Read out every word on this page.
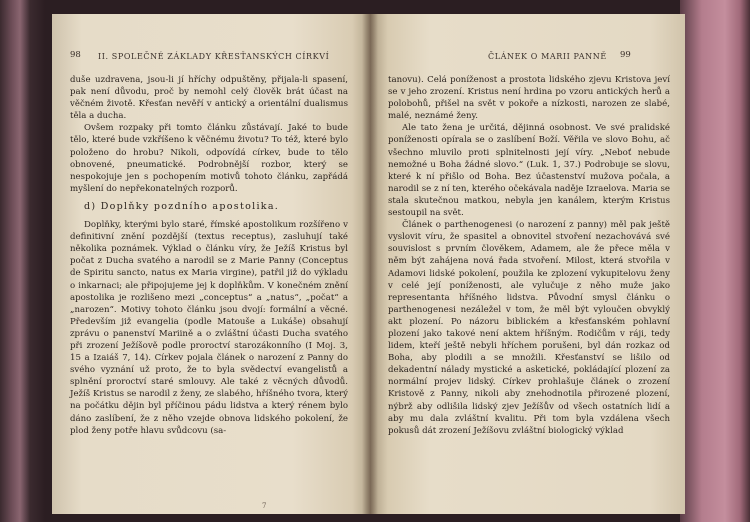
98 II. SPOLEČNÉ ZÁKLADY KŘESŤANSKÝCH CÍRKVÍ

duše uzdravena, jsou-li jí hříchy odpuštěny, přijala-li spasení, pak není důvodu, proč by nemohl celý člověk brát účast na věčném životě. Křesťan nevěří v antický a orientální dualismus těla a ducha.

Ovšem rozpaky při tomto článku zůstávají. Jaké to bude tělo, které bude vzkříšeno k věčnému životu? To též, které bylo položeno do hrobu? Nikoli, odpovídá církev, bude to tělo obnovené, pneumatické. Podrobnější rozbor, který se nespokojuje jen s pochopením motivů tohoto článku, zapřádá myšlení do nepřekonatelných rozporů.

d) Doplňky pozdního apostolika.

Doplňky, kterými bylo staré, římské apostolikum rozšířeno v definitivní znění pozdější (textus receptus), zasluhují také několika poznámek. Výklad o článku víry, že Ježíš Kristus byl počat z Ducha svatého a narodil se z Marie Panny (Conceptus de Spiritu sancto, natus ex Maria virgine), patřil již do výkladu o inkarnaci; ale připojujeme jej k doplňkům. V konečném znění apostolika je rozlišeno mezi „conceptus“ a „natus“, „počat“ a „narozen“. Motivy tohoto článku jsou dvojí: formální a věcné. Především již evangelia (podle Matouše a Lukáše) obsahují zprávu o panenství Mariině a o zvláštní účasti Ducha svatého při zrození Ježíšově podle proroctví starozákonního (I Moj. 3, 15 a Izaiáš 7, 14). Církev pojala článek o narození z Panny do svého vyznání už proto, že to byla svědectví evangelistů a splnění proroctví staré smlouvy. Ale také z věcných důvodů. Ježíš Kristus se narodil z ženy, ze slabého, hříšného tvora, který na počátku dějin byl příčinou pádu lidstva a který rénem bylo dáno zaslíbení, že z něho vzejde obnova lidského pokolení, že plod ženy potře hlavu svůdcovu (sa-

7
ČLÁNEK O MARII PANNĚ 99

tanovu). Celá poníženost a prostota lidského zjevu Kristova jeví se v jeho zrození. Kristus není hrdina po vzoru antických herů a polobohů, přišel na svět v pokoře a nízkosti, narozen ze slabé, malé, neznámé ženy.

Ale tato žena je určitá, dějinná osobnost. Ve své pralidské poníženosti opírala se o zaslíbení Boží. Věřila ve slovo Bohu, ač všechno mluvilo proti splnitelnosti její víry. „Neboť nebude nemožné u Boha žádné slovo.“ (Luk. 1, 37.) Podrobuje se slovu, které k ní přišlo od Boha. Bez účastenství mužova počala, a narodil se z ní ten, kterého očekávala naděje Izraelova. Maria se stala skutečnou matkou, nebyla jen kanálem, kterým Kristus sestoupil na svět.

Článek o parthenogenesi (o narození z panny) měl pak ještě vyslovit víru, že spasitel a obnovitel stvoření nezachovává své souvislost s prvním člověkem, Adamem, ale že přece měla v něm být zahájena nová řada stvoření. Milost, která stvořila v Adamovi lidské pokolení, použila ke zplození vykupitelovu ženy v celé její poníženosti, ale vylučuje z něho muže jako representanta hříšného lidstva. Původní smysl článku o parthenogenesi nezáležel v tom, že měl být vyloučen obvyklý akt plození. Po názoru biblickém a křesťanském pohlavní plození jako takové není aktem hříšným. Rodičům v ráji, tedy lidem, kteří ještě nebyli hříchem porušeni, byl dán rozkaz od Boha, aby plodili a se množili. Křesťanství se lišilo od dekadentní nálady mystické a asketické, pokládající plození za normální projev lidský. Církev prohlašuje článek o zrození Kristově z Panny, nikoli aby znehodnotila přirozené plození, nýbrž aby odlišila lidský zjev Ježíšův od všech ostatních lidí a aby mu dala zvláštní kvalitu. Při tom byla vzdálena všech pokusů dát zrození Ježíšovu zvláštní biologický výklad
